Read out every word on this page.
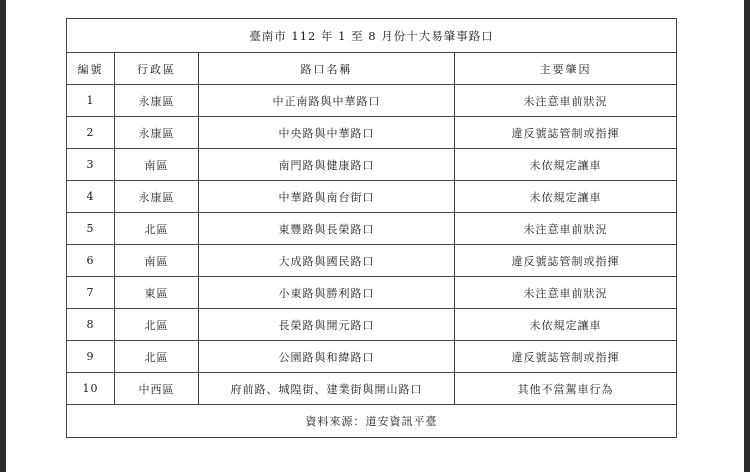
臺南市 112 年 1 至 8 月份十大易肇事路口			
編號	行政區	路口名稱	主要肇因
1	永康區	中正南路與中華路口	未注意車前狀況
2	永康區	中央路與中華路口	違反號誌管制或指揮
3	南區	南門路與健康路口	未依規定讓車
4	永康區	中華路與南台街口	未依規定讓車
5	北區	東豐路與長榮路口	未注意車前狀況
6	南區	大成路與國民路口	違反號誌管制或指揮
7	東區	小東路與勝利路口	未注意車前狀況
8	北區	長榮路與開元路口	未依規定讓車
9	北區	公園路與和緯路口	違反號誌管制或指揮
10	中西區	府前路、城隍街、建業街與開山路口	其他不當駕車行為
資料來源：道安資訊平臺			
